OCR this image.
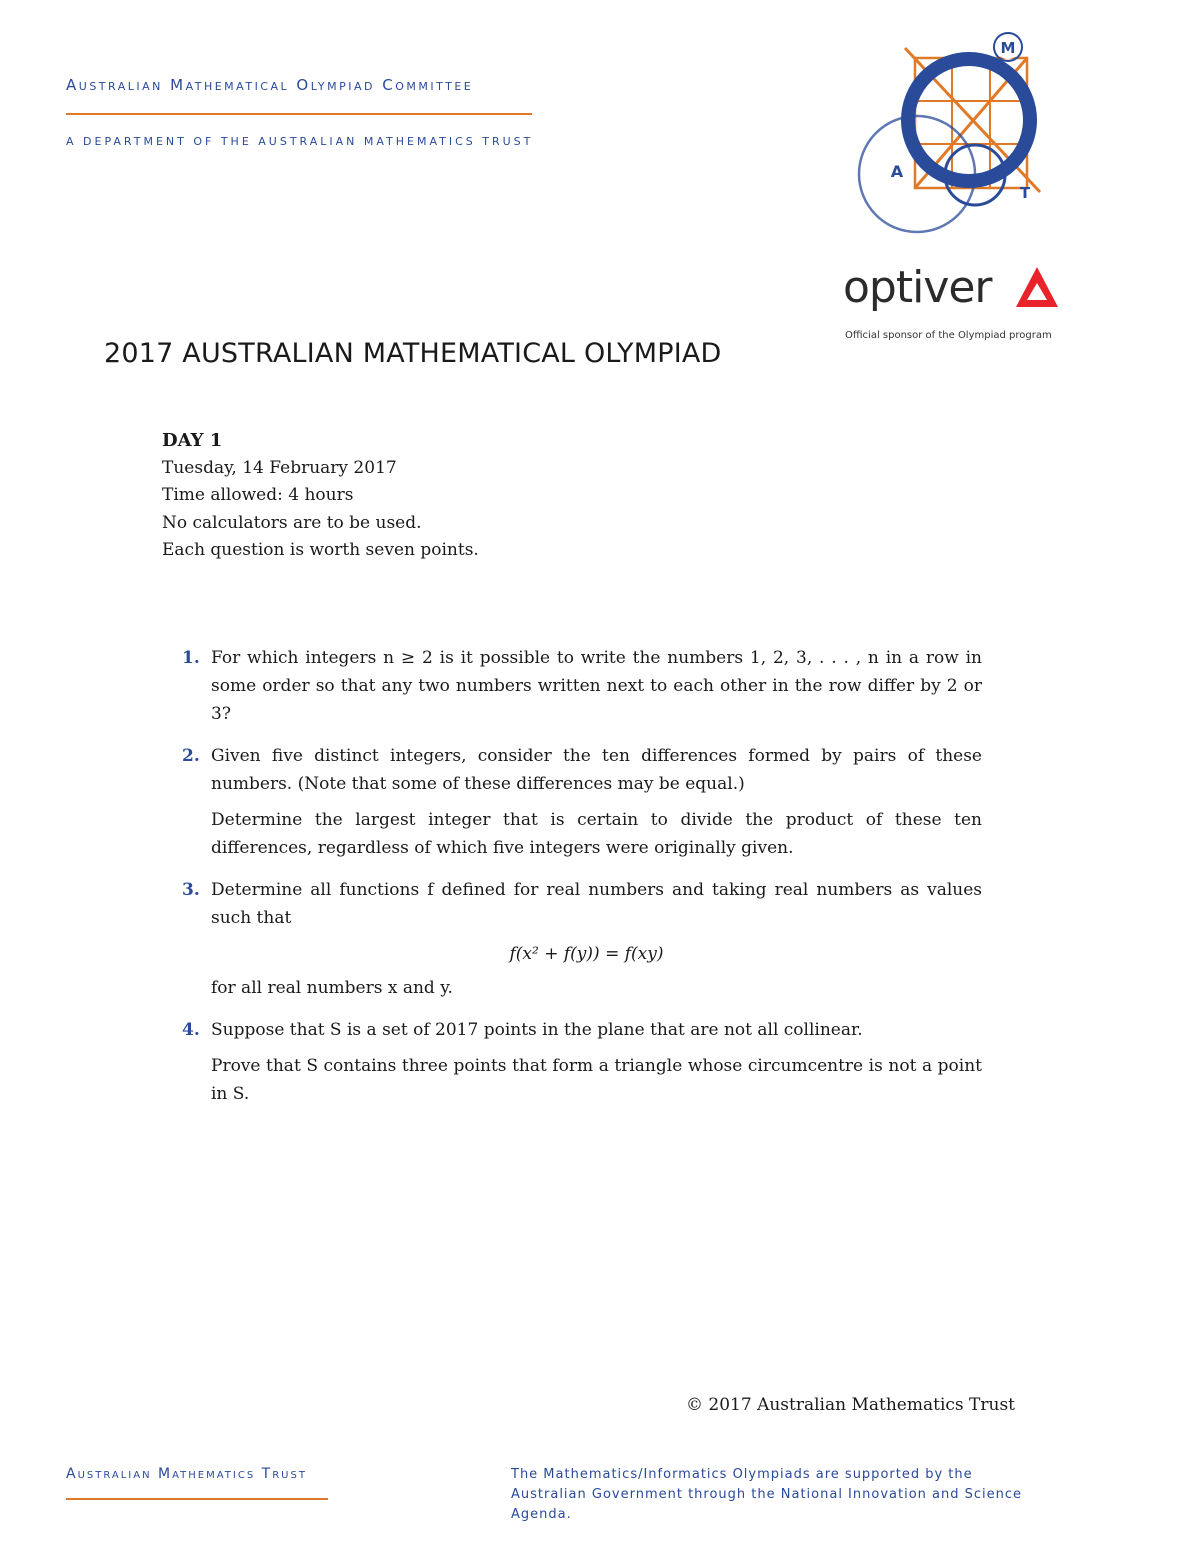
Australian Mathematical Olympiad Committee
A DEPARTMENT OF THE AUSTRALIAN MATHEMATICS TRUST
M
A
T
optiver
Official sponsor of the Olympiad program
2017 AUSTRALIAN MATHEMATICAL OLYMPIAD
DAY 1
Tuesday, 14 February 2017
Time allowed: 4 hours
No calculators are to be used.
Each question is worth seven points.
1. For which integers n ≥ 2 is it possible to write the numbers 1, 2, 3, . . . , n in a row in some order so that any two numbers written next to each other in the row differ by 2 or 3?

2. Given five distinct integers, consider the ten differences formed by pairs of these numbers. (Note that some of these differences may be equal.)

Determine the largest integer that is certain to divide the product of these ten differences, regardless of which five integers were originally given.

3. Determine all functions f defined for real numbers and taking real numbers as values such that

f(x² + f(y)) = f(xy)

for all real numbers x and y.

4. Suppose that S is a set of 2017 points in the plane that are not all collinear.

Prove that S contains three points that form a triangle whose circumcentre is not a point in S.

© 2017 Australian Mathematics Trust
Australian Mathematics Trust	The Mathematics/Informatics Olympiads are supported by the Australian Government through the National Innovation and Science Agenda.
